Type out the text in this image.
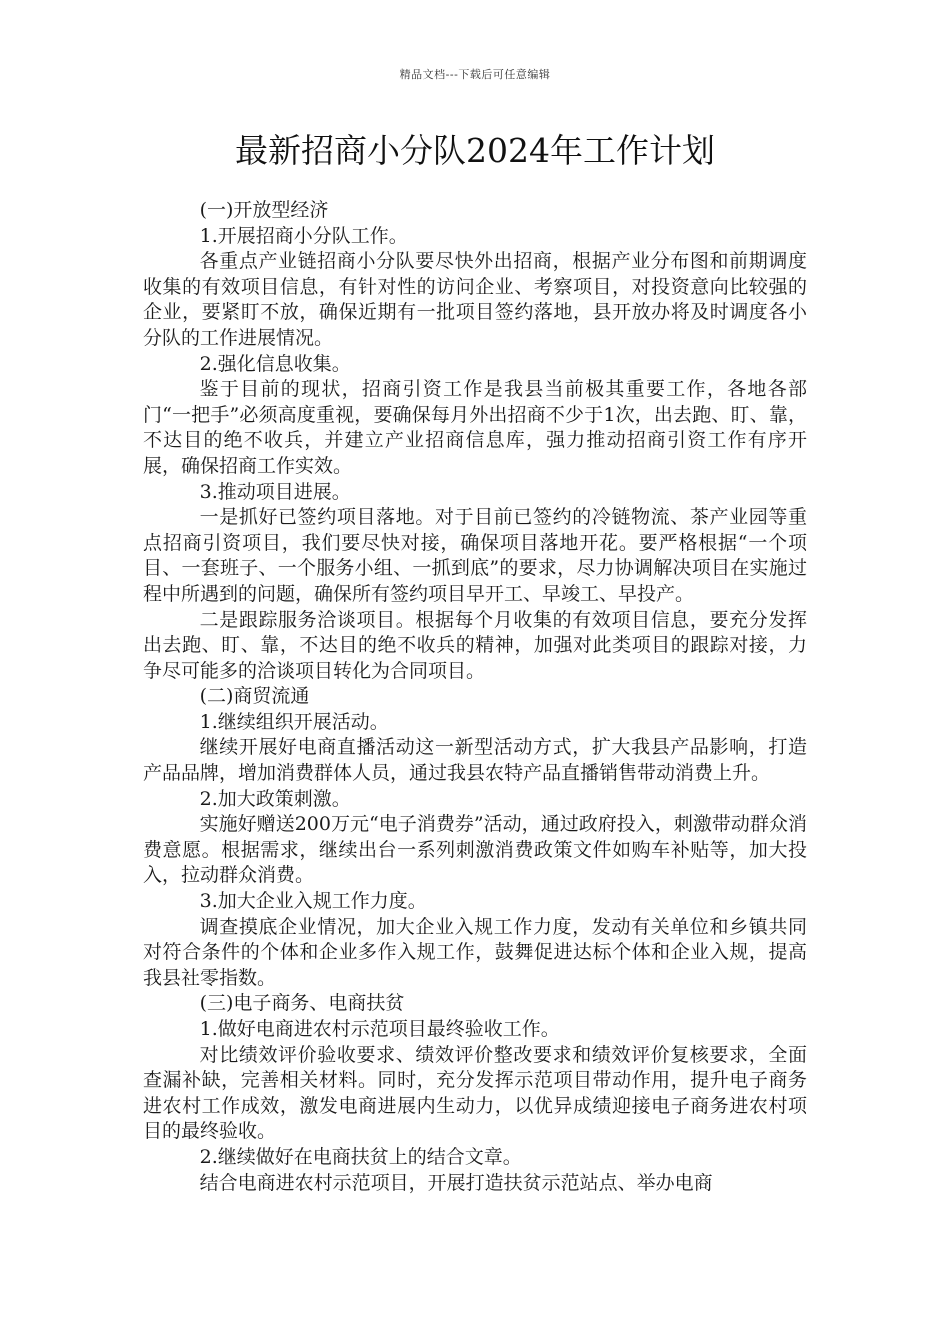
精品文档---下载后可任意编辑
最新招商小分队2024年工作计划

(一)开放型经济

1.开展招商小分队工作。

各重点产业链招商小分队要尽快外出招商，根据产业分布图和前期调度收集的有效项目信息，有针对性的访问企业、考察项目，对投资意向比较强的企业，要紧盯不放，确保近期有一批项目签约落地，县开放办将及时调度各小分队的工作进展情况。

2.强化信息收集。

鉴于目前的现状，招商引资工作是我县当前极其重要工作，各地各部门“一把手”必须高度重视，要确保每月外出招商不少于1次，出去跑、盯、靠，不达目的绝不收兵，并建立产业招商信息库，强力推动招商引资工作有序开展，确保招商工作实效。

3.推动项目进展。

一是抓好已签约项目落地。对于目前已签约的冷链物流、茶产业园等重点招商引资项目，我们要尽快对接，确保项目落地开花。要严格根据“一个项目、一套班子、一个服务小组、一抓到底”的要求，尽力协调解决项目在实施过程中所遇到的问题，确保所有签约项目早开工、早竣工、早投产。

二是跟踪服务洽谈项目。根据每个月收集的有效项目信息，要充分发挥出去跑、盯、靠，不达目的绝不收兵的精神，加强对此类项目的跟踪对接，力争尽可能多的洽谈项目转化为合同项目。

(二)商贸流通

1.继续组织开展活动。

继续开展好电商直播活动这一新型活动方式，扩大我县产品影响，打造产品品牌，增加消费群体人员，通过我县农特产品直播销售带动消费上升。

2.加大政策刺激。

实施好赠送200万元“电子消费券”活动，通过政府投入，刺激带动群众消费意愿。根据需求，继续出台一系列刺激消费政策文件如购车补贴等，加大投入，拉动群众消费。

3.加大企业入规工作力度。

调查摸底企业情况，加大企业入规工作力度，发动有关单位和乡镇共同对符合条件的个体和企业多作入规工作，鼓舞促进达标个体和企业入规，提高我县社零指数。

(三)电子商务、电商扶贫

1.做好电商进农村示范项目最终验收工作。

对比绩效评价验收要求、绩效评价整改要求和绩效评价复核要求，全面查漏补缺，完善相关材料。同时，充分发挥示范项目带动作用，提升电子商务进农村工作成效，激发电商进展内生动力，以优异成绩迎接电子商务进农村项目的最终验收。

2.继续做好在电商扶贫上的结合文章。

结合电商进农村示范项目，开展打造扶贫示范站点、举办电商
